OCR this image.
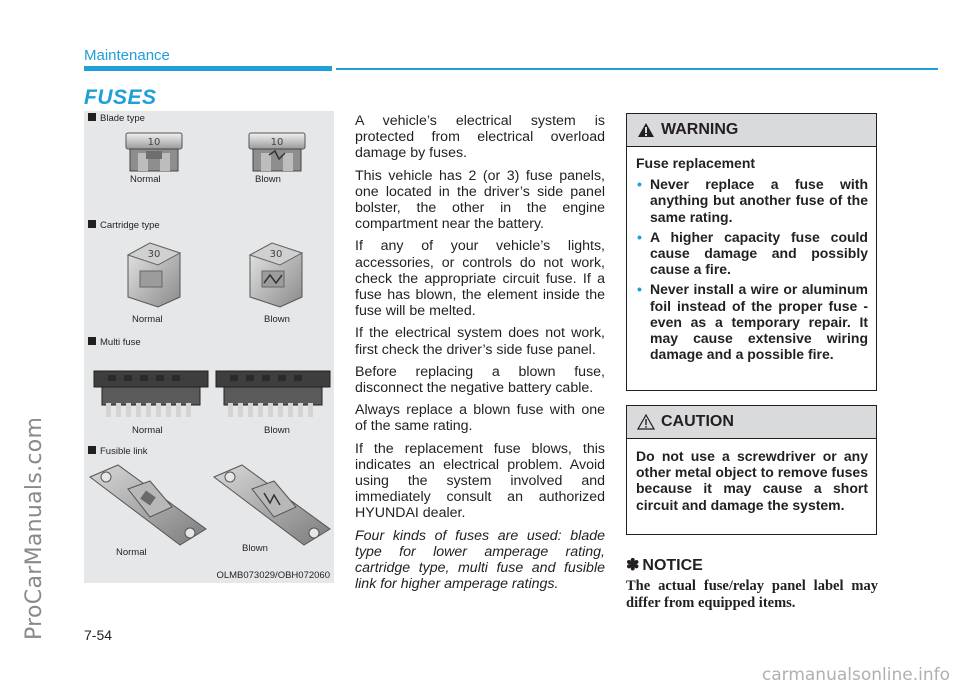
ProCarManuals.com
carmanualsonline.info
Maintenance
FUSES
Blade type
10
Normal
10
Blown
Cartridge type
30
Normal
30
Blown
Multi fuse
Normal	Blown
Fusible link
Normal	Blown
OLMB073029/OBH072060

A vehicle’s electrical system is protected from electrical overload damage by fuses.

This vehicle has 2 (or 3) fuse panels, one located in the driver’s side panel bolster, the other in the engine compartment near the battery.

If any of your vehicle’s lights, accessories, or controls do not work, check the appropriate circuit fuse. If a fuse has blown, the element inside the fuse will be melted.

If the electrical system does not work, first check the driver’s side fuse panel.

Before replacing a blown fuse, disconnect the negative battery cable.

Always replace a blown fuse with one of the same rating.

If the replacement fuse blows, this indicates an electrical problem. Avoid using the system involved and immediately consult an authorized HYUNDAI dealer.

Four kinds of fuses are used: blade type for lower amperage rating, cartridge type, multi fuse and fusible link for higher amperage ratings.

WARNING
Fuse replacement
• Never replace a fuse with anything but another fuse of the same rating.
• A higher capacity fuse could cause damage and possibly cause a fire.
• Never install a wire or aluminum foil instead of the proper fuse - even as a temporary repair. It may cause extensive wiring damage and a possible fire.
CAUTION
Do not use a screwdriver or any other metal object to remove fuses because it may cause a short circuit and damage the system.
✽ NOTICE
The actual fuse/relay panel label may differ from equipped items.
7-54
